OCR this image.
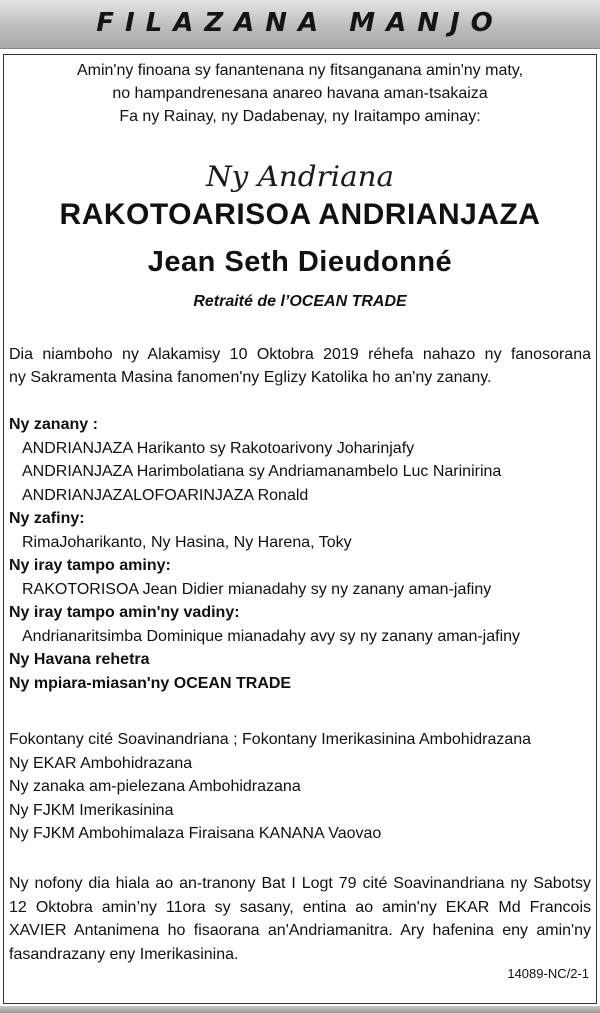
FILAZANA MANJO
Amin'ny finoana sy fanantenana ny fitsanganana amin'ny maty,
no hampandrenesana anareo havana aman-tsakaiza
Fa ny Rainay, ny Dadabenay, ny Iraitampo aminay:
Ny Andriana
RAKOTOARISOA ANDRIANJAZA
Jean Seth Dieudonné
Retraité de l’OCEAN TRADE
Dia niamboho ny Alakamisy 10 Oktobra 2019 réhefa nahazo ny fanosorana
ny Sakramenta Masina fanomen'ny Eglizy Katolika ho an'ny zanany.
Ny zanany :
ANDRIANJAZA Harikanto sy Rakotoarivony Joharinjafy
ANDRIANJAZA Harimbolatiana sy Andriamanambelo Luc Narinirina
ANDRIANJAZALOFOARINJAZA Ronald
Ny zafiny:
RimaJoharikanto, Ny Hasina, Ny Harena, Toky
Ny iray tampo aminy:
RAKOTORISOA Jean Didier mianadahy sy ny zanany aman-jafiny
Ny iray tampo amin'ny vadiny:
Andrianaritsimba Dominique mianadahy avy sy ny zanany aman-jafiny
Ny Havana rehetra
Ny mpiara-miasan'ny OCEAN TRADE
Fokontany cité Soavinandriana ; Fokontany Imerikasinina Ambohidrazana
Ny EKAR Ambohidrazana
Ny zanaka am-pielezana Ambohidrazana
Ny FJKM Imerikasinina
Ny FJKM Ambohimalaza Firaisana KANANA Vaovao
Ny nofony dia hiala ao an-tranony Bat I Logt 79 cité Soavinandriana ny Sabotsy
12 Oktobra amin’ny 11ora sy sasany, entina ao amin'ny EKAR Md Francois
XAVIER Antanimena ho fisaorana an'Andriamanitra. Ary hafenina eny amin'ny
fasandrazany eny Imerikasinina.
14089-NC/2-1
